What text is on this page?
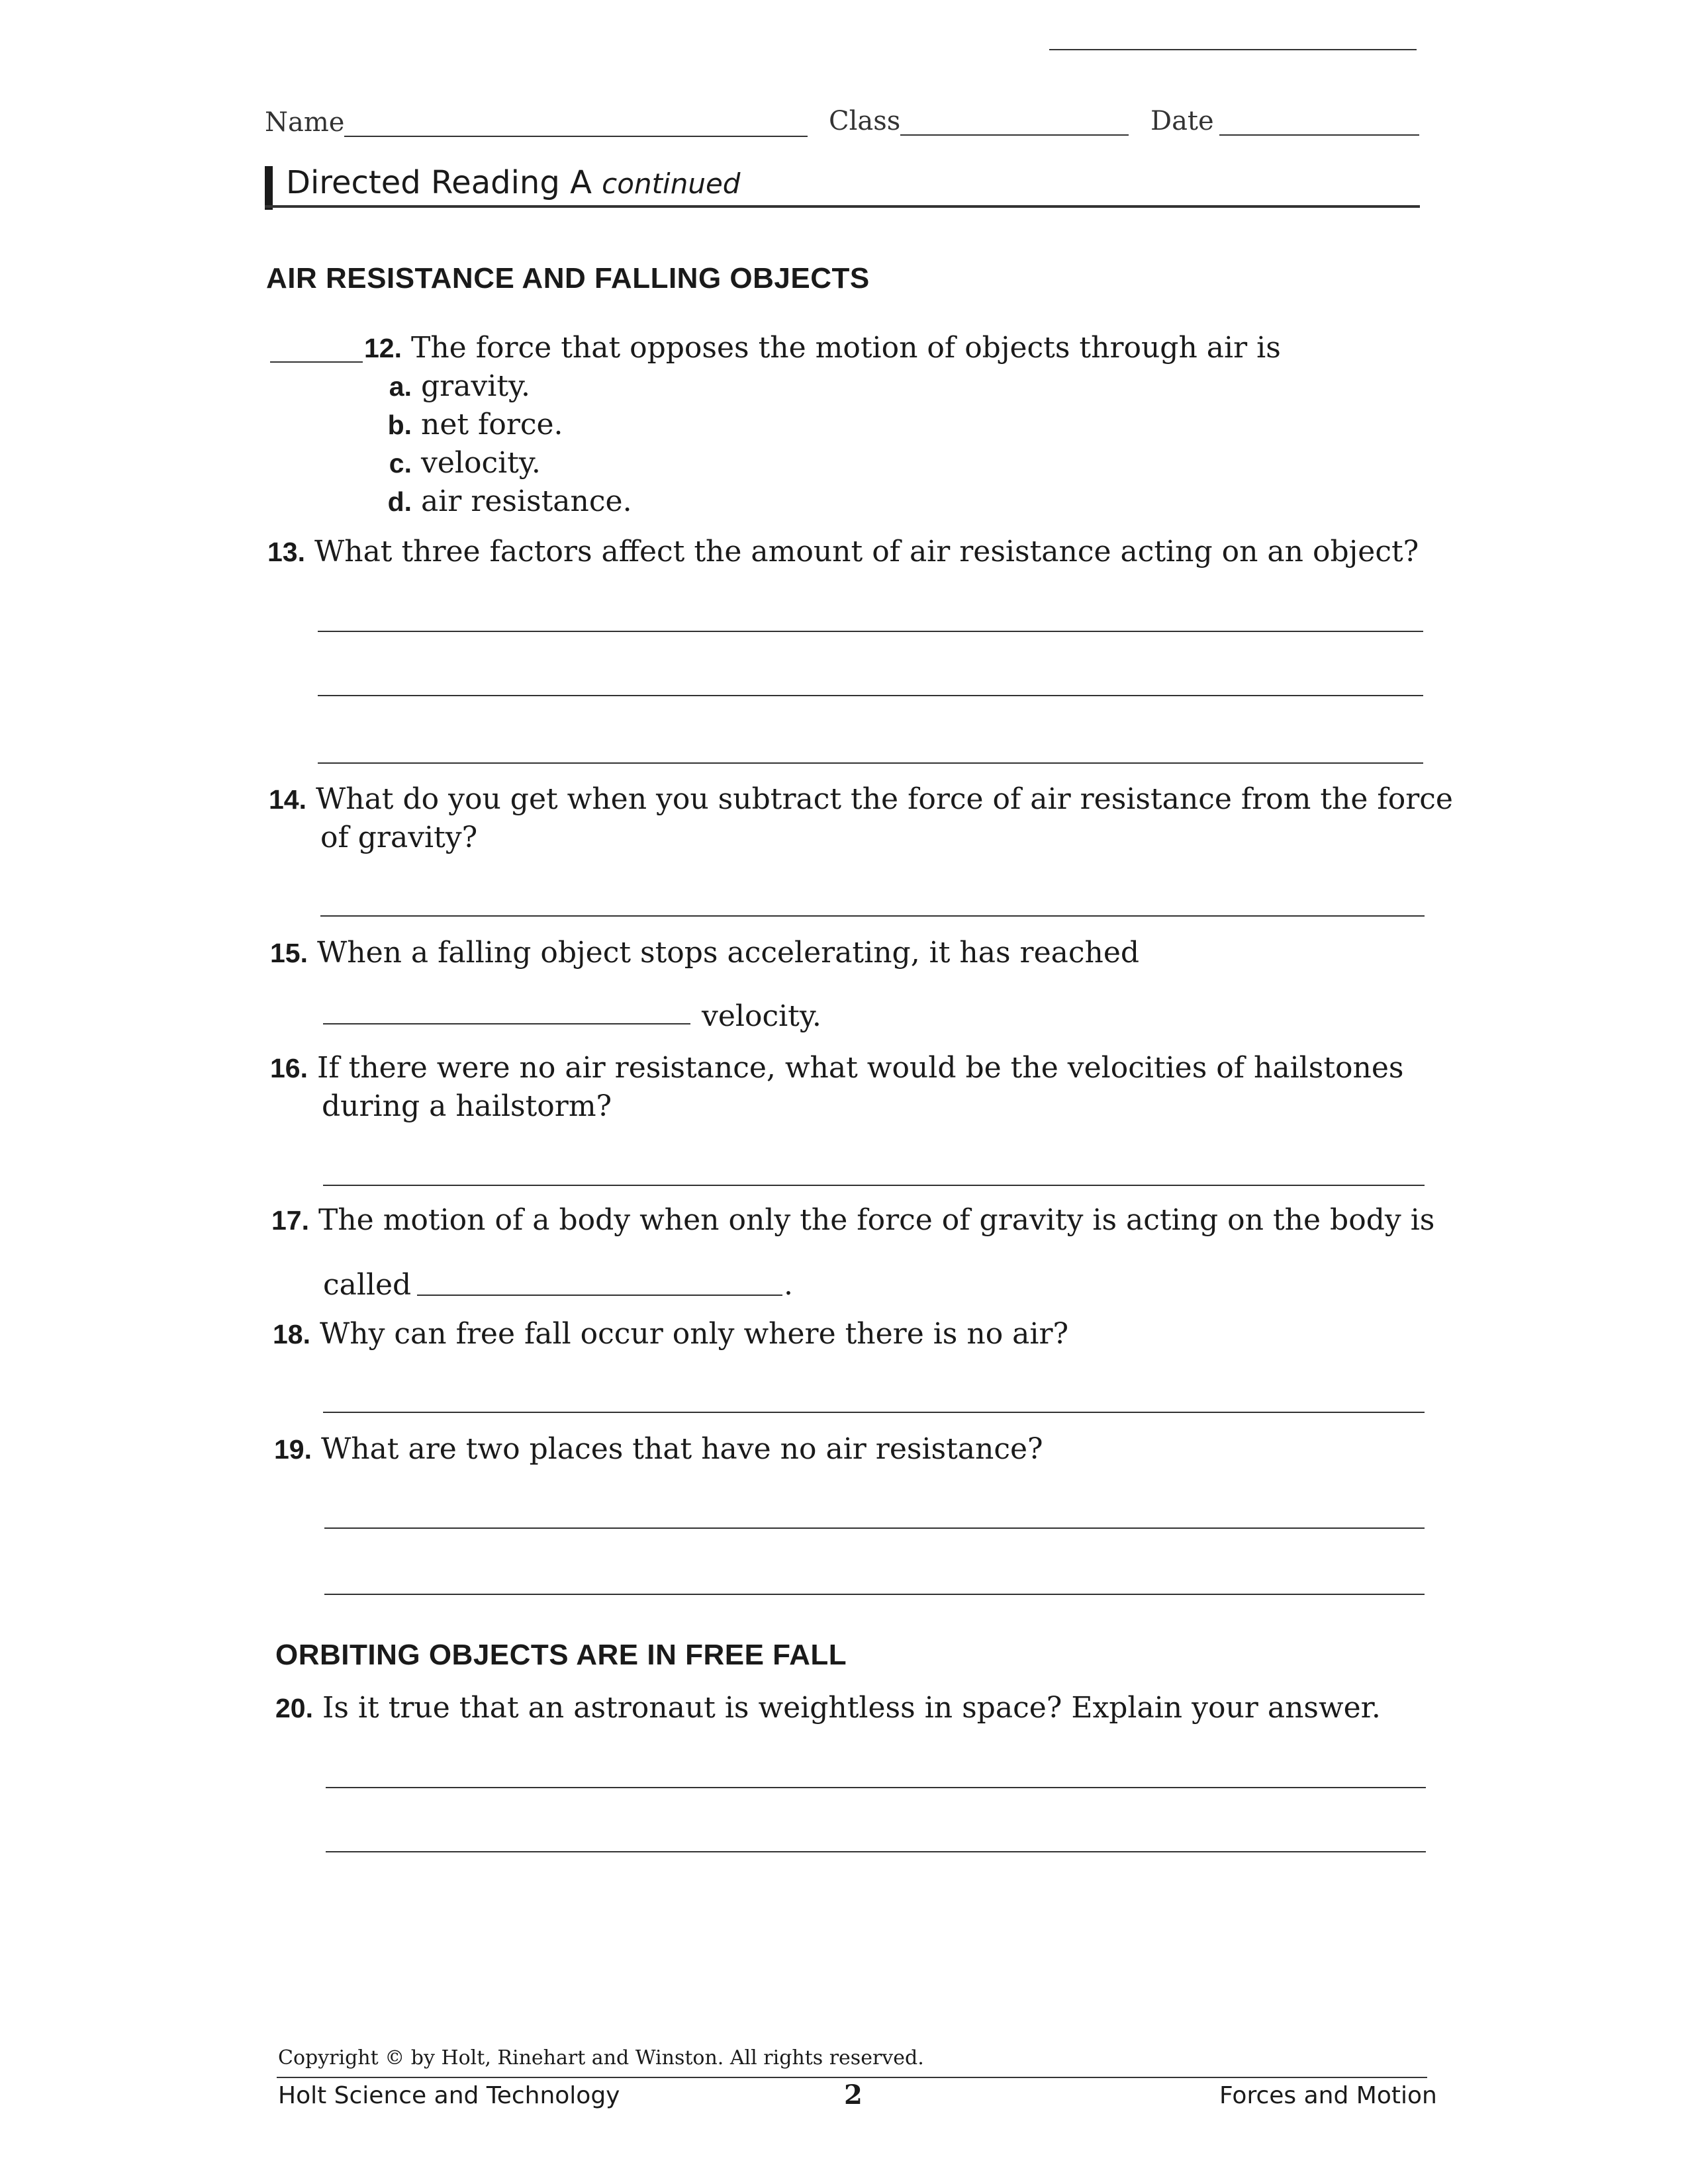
Name	Class	Date
Directed Reading A continued
AIR RESISTANCE AND FALLING OBJECTS
12. The force that opposes the motion of objects through air is
a. gravity.
b. net force.
c. velocity.
d. air resistance.
13. What three factors affect the amount of air resistance acting on an object?
14. What do you get when you subtract the force of air resistance from the force
of gravity?
15. When a falling object stops accelerating, it has reached
velocity.
16. If there were no air resistance, what would be the velocities of hailstones
during a hailstorm?
17. The motion of a body when only the force of gravity is acting on the body is
called	.
18. Why can free fall occur only where there is no air?
19. What are two places that have no air resistance?
ORBITING OBJECTS ARE IN FREE FALL
20. Is it true that an astronaut is weightless in space? Explain your answer.
Copyright © by Holt, Rinehart and Winston. All rights reserved.
Holt Science and Technology	2	Forces and Motion
